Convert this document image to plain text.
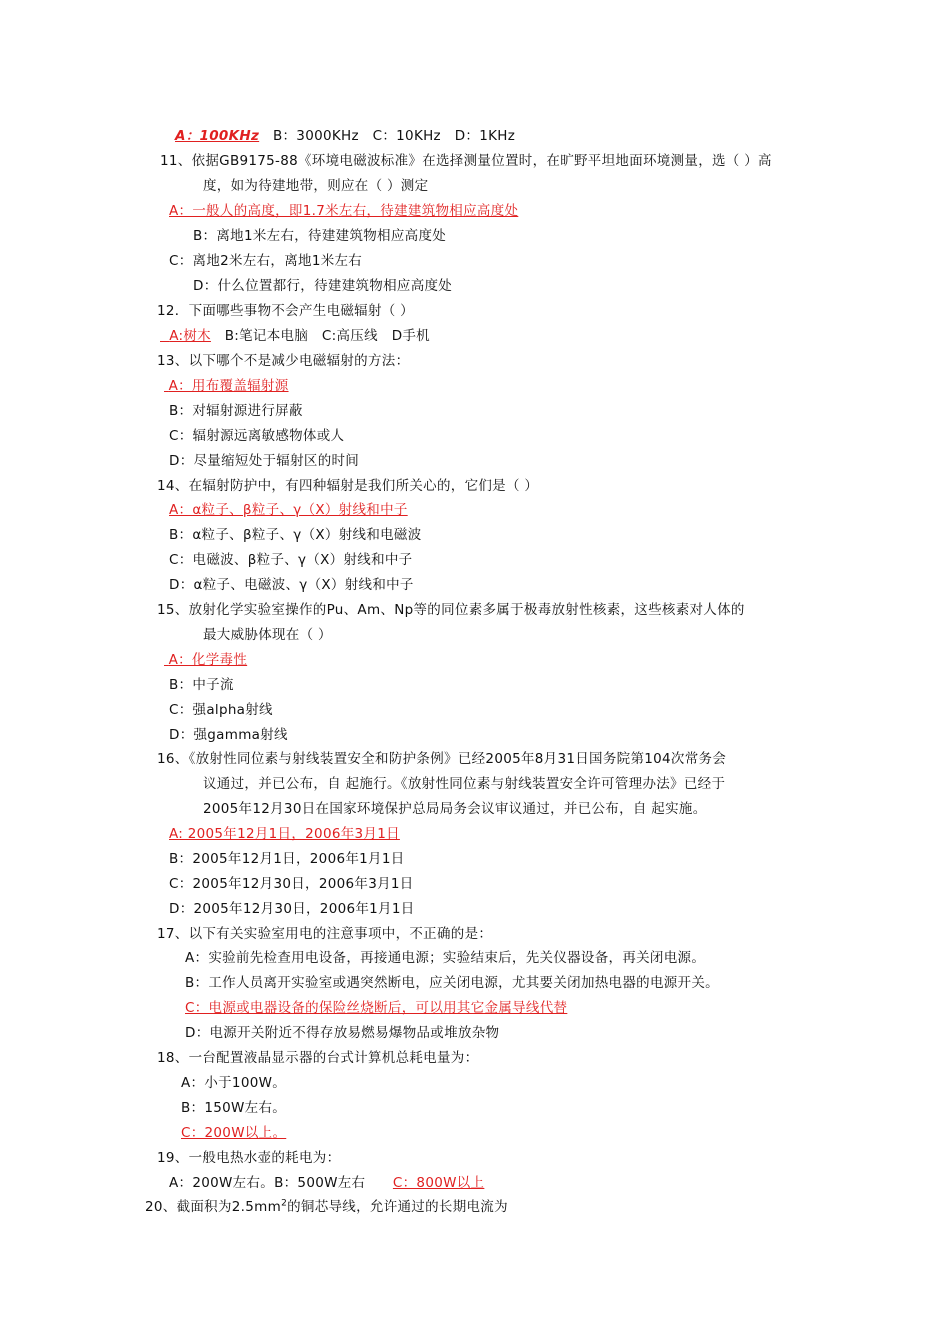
A：100KHz B：3000KHz C：10KHz D：1KHz
11、依据GB9175-88《环境电磁波标准》在选择测量位置时，在旷野平坦地面环境测量，选（ ）高
度，如为待建地带，则应在（ ）测定
A：一般人的高度，即1.7米左右，待建建筑物相应高度处
B：离地1米左右，待建建筑物相应高度处
C：离地2米左右，离地1米左右
D：什么位置都行，待建建筑物相应高度处
12．下面哪些事物不会产生电磁辐射（ ）
A:树木 B:笔记本电脑 C:高压线 D手机
13、以下哪个不是减少电磁辐射的方法：
A：用布覆盖辐射源
B：对辐射源进行屏蔽
C：辐射源远离敏感物体或人
D：尽量缩短处于辐射区的时间
14、在辐射防护中，有四种辐射是我们所关心的，它们是（ ）
A：α粒子、β粒子、γ（X）射线和中子
B：α粒子、β粒子、γ（X）射线和电磁波
C：电磁波、β粒子、γ（X）射线和中子
D：α粒子、电磁波、γ（X）射线和中子
15、放射化学实验室操作的Pu、Am、Np等的同位素多属于极毒放射性核素，这些核素对人体的
最大威胁体现在（ ）
A：化学毒性
B：中子流
C：强alpha射线
D：强gamma射线
16、《放射性同位素与射线装置安全和防护条例》已经2005年8月31日国务院第104次常务会
议通过，并已公布，自 起施行。《放射性同位素与射线装置安全许可管理办法》已经于
2005年12月30日在国家环境保护总局局务会议审议通过，并已公布，自 起实施。
A: 2005年12月1日，2006年3月1日
B：2005年12月1日，2006年1月1日
C：2005年12月30日，2006年3月1日
D：2005年12月30日，2006年1月1日
17、以下有关实验室用电的注意事项中，不正确的是：
A：实验前先检查用电设备，再接通电源；实验结束后，先关仪器设备，再关闭电源。
B：工作人员离开实验室或遇突然断电，应关闭电源，尤其要关闭加热电器的电源开关。
C：电源或电器设备的保险丝烧断后，可以用其它金属导线代替
D：电源开关附近不得存放易燃易爆物品或堆放杂物
18、一台配置液晶显示器的台式计算机总耗电量为：
A：小于100W。
B：150W左右。
C：200W以上。
19、一般电热水壶的耗电为：
A：200W左右。B：500W左右 C：800W以上
20、截面积为$2.5mm^2$的铜芯导线，允许通过的长期电流为
